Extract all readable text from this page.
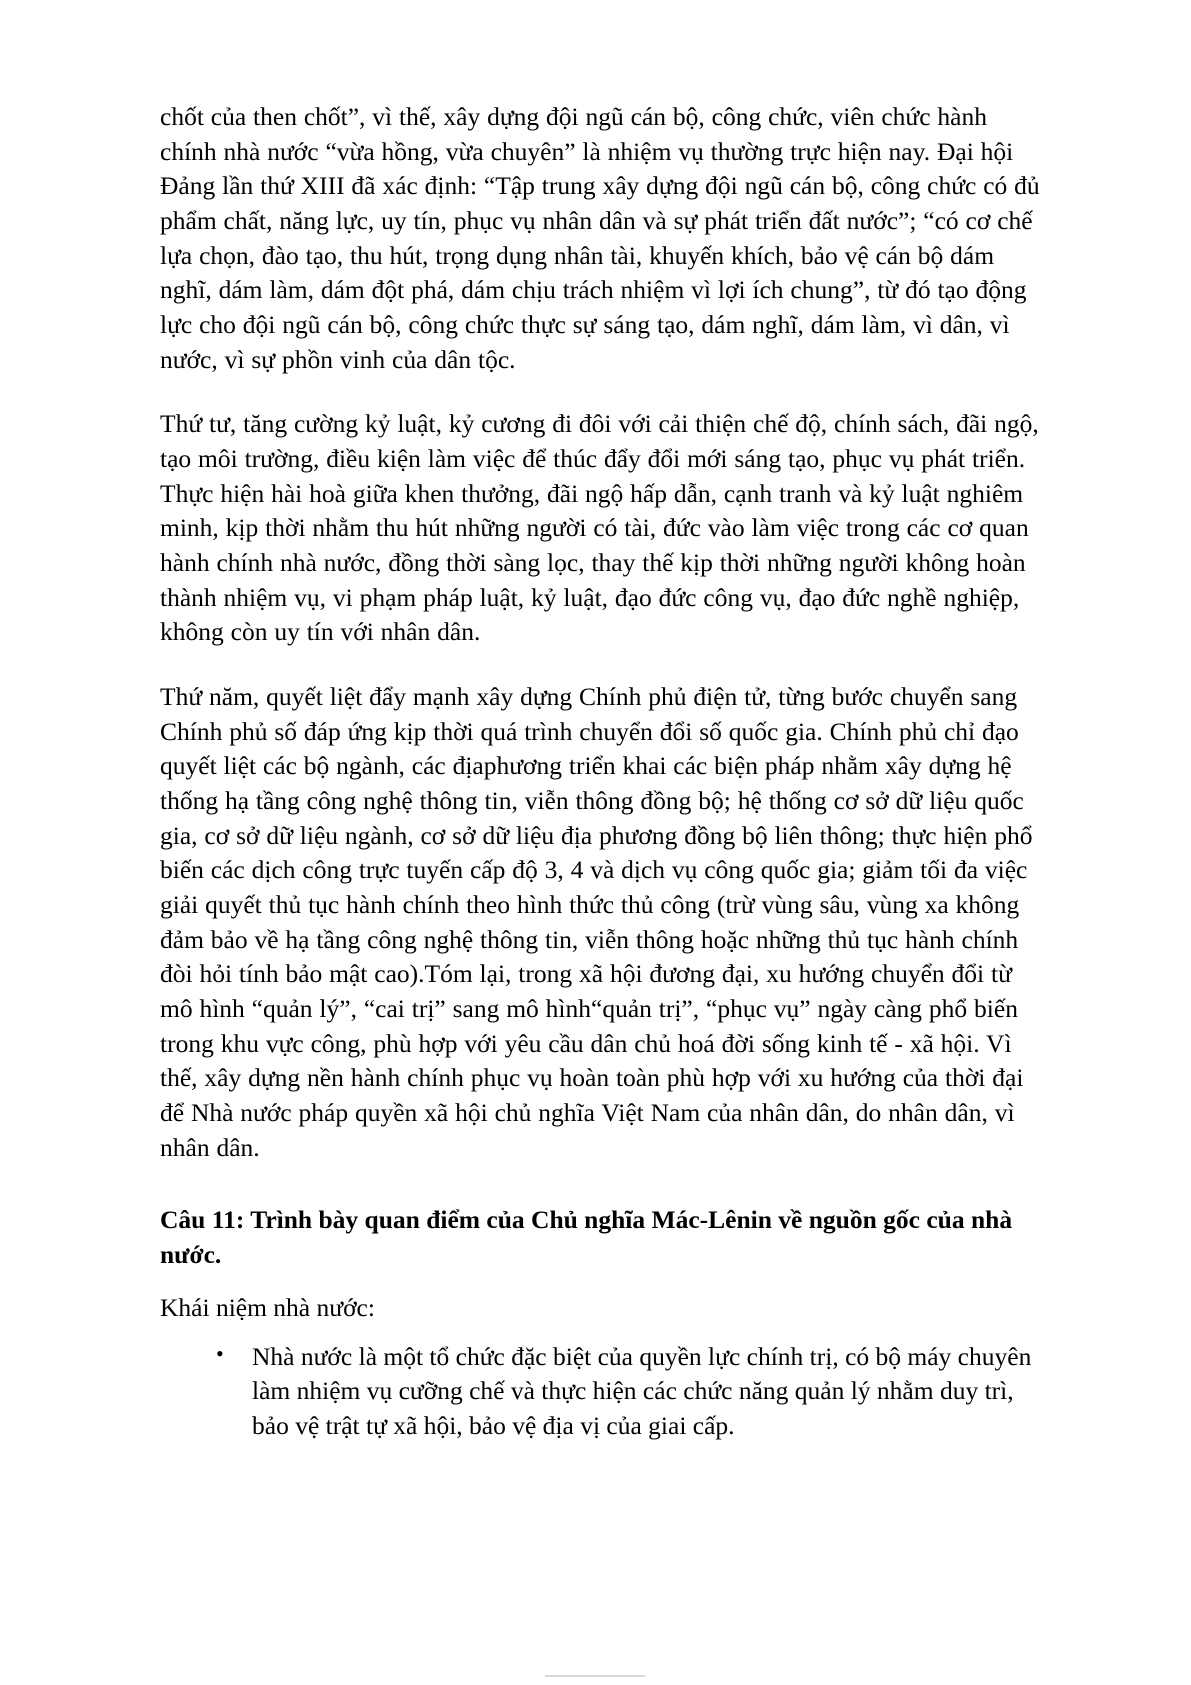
chốt của then chốt”, vì thế, xây dựng đội ngũ cán bộ, công chức, viên chức hành chính nhà nước “vừa hồng, vừa chuyên” là nhiệm vụ thường trực hiện nay. Đại hội Đảng lần thứ XIII đã xác định: “Tập trung xây dựng đội ngũ cán bộ, công chức có đủ phẩm chất, năng lực, uy tín, phục vụ nhân dân và sự phát triển đất nước”; “có cơ chế lựa chọn, đào tạo, thu hút, trọng dụng nhân tài, khuyến khích, bảo vệ cán bộ dám nghĩ, dám làm, dám đột phá, dám chịu trách nhiệm vì lợi ích chung”, từ đó tạo động lực cho đội ngũ cán bộ, công chức thực sự sáng tạo, dám nghĩ, dám làm, vì dân, vì nước, vì sự phồn vinh của dân tộc.

Thứ tư, tăng cường kỷ luật, kỷ cương đi đôi với cải thiện chế độ, chính sách, đãi ngộ, tạo môi trường, điều kiện làm việc để thúc đẩy đổi mới sáng tạo, phục vụ phát triển. Thực hiện hài hoà giữa khen thưởng, đãi ngộ hấp dẫn, cạnh tranh và kỷ luật nghiêm minh, kịp thời nhằm thu hút những người có tài, đức vào làm việc trong các cơ quan hành chính nhà nước, đồng thời sàng lọc, thay thế kịp thời những người không hoàn thành nhiệm vụ, vi phạm pháp luật, kỷ luật, đạo đức công vụ, đạo đức nghề nghiệp, không còn uy tín với nhân dân.

Thứ năm, quyết liệt đẩy mạnh xây dựng Chính phủ điện tử, từng bước chuyển sang Chính phủ số đáp ứng kịp thời quá trình chuyển đổi số quốc gia. Chính phủ chỉ đạo quyết liệt các bộ ngành, các địaphương triển khai các biện pháp nhằm xây dựng hệ thống hạ tầng công nghệ thông tin, viễn thông đồng bộ; hệ thống cơ sở dữ liệu quốc gia, cơ sở dữ liệu ngành, cơ sở dữ liệu địa phương đồng bộ liên thông; thực hiện phổ biến các dịch công trực tuyến cấp độ 3, 4 và dịch vụ công quốc gia; giảm tối đa việc giải quyết thủ tục hành chính theo hình thức thủ công (trừ vùng sâu, vùng xa không đảm bảo về hạ tầng công nghệ thông tin, viễn thông hoặc những thủ tục hành chính đòi hỏi tính bảo mật cao).Tóm lại, trong xã hội đương đại, xu hướng chuyển đổi từ mô hình “quản lý”, “cai trị” sang mô hình“quản trị”, “phục vụ” ngày càng phổ biến trong khu vực công, phù hợp với yêu cầu dân chủ hoá đời sống kinh tế - xã hội. Vì thế, xây dựng nền hành chính phục vụ hoàn toàn phù hợp với xu hướng của thời đại để Nhà nước pháp quyền xã hội chủ nghĩa Việt Nam của nhân dân, do nhân dân, vì nhân dân.

Câu 11: Trình bày quan điểm của Chủ nghĩa Mác-Lênin về nguồn gốc của nhà nước.

Khái niệm nhà nước:

• Nhà nước là một tổ chức đặc biệt của quyền lực chính trị, có bộ máy chuyên làm nhiệm vụ cưỡng chế và thực hiện các chức năng quản lý nhằm duy trì, bảo vệ trật tự xã hội, bảo vệ địa vị của giai cấp.
